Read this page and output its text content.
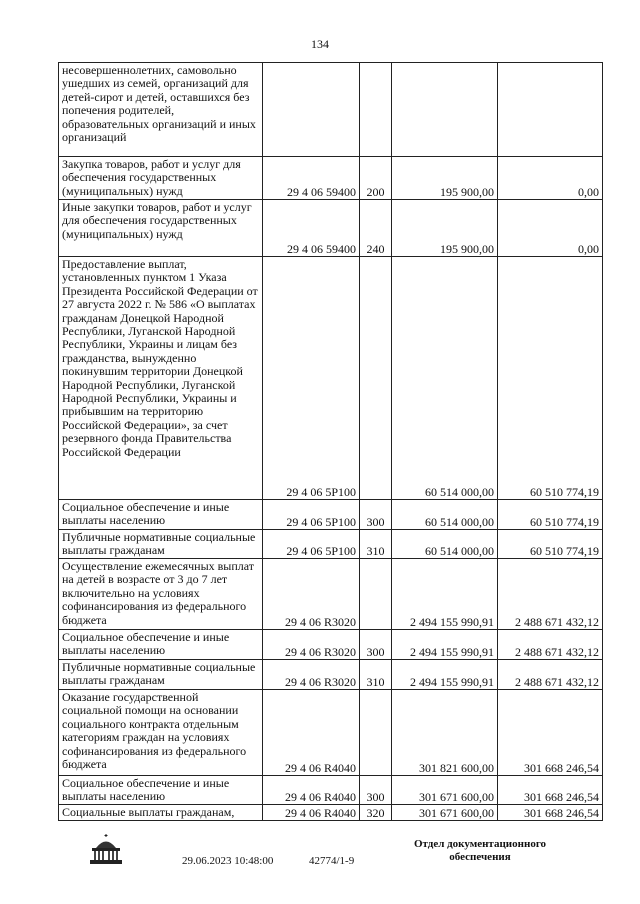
134
несовершеннолетних, самовольно ушедших из семей, организаций для детей-сирот и детей, оставшихся без попечения родителей, образовательных организаций и иных организаций				
Закупка товаров, работ и услуг для обеспечения государственных (муниципальных) нужд	29 4 06 59400	200	195 900,00	0,00
Иные закупки товаров, работ и услуг для обеспечения государственных (муниципальных) нужд	29 4 06 59400	240	195 900,00	0,00
Предоставление выплат, установленных пунктом 1 Указа Президента Российской Федерации от 27 августа 2022 г. № 586 «О выплатах гражданам Донецкой Народной Республики, Луганской Народной Республики, Украины и лицам без гражданства, вынужденно покинувшим территории Донецкой Народной Республики, Луганской Народной Республики, Украины и прибывшим на территорию Российской Федерации», за счет резервного фонда Правительства Российской Федерации	29 4 06 5Р100		60 514 000,00	60 510 774,19
Социальное обеспечение и иные выплаты населению	29 4 06 5Р100	300	60 514 000,00	60 510 774,19
Публичные нормативные социальные выплаты гражданам	29 4 06 5Р100	310	60 514 000,00	60 510 774,19
Осуществление ежемесячных выплат на детей в возрасте от 3 до 7 лет включительно на условиях софинансирования из федерального бюджета	29 4 06 R3020		2 494 155 990,91	2 488 671 432,12
Социальное обеспечение и иные выплаты населению	29 4 06 R3020	300	2 494 155 990,91	2 488 671 432,12
Публичные нормативные социальные выплаты гражданам	29 4 06 R3020	310	2 494 155 990,91	2 488 671 432,12
Оказание государственной социальной помощи на основании социального контракта отдельным категориям граждан на условиях софинансирования из федерального бюджета	29 4 06 R4040		301 821 600,00	301 668 246,54
Социальное обеспечение и иные выплаты населению	29 4 06 R4040	300	301 671 600,00	301 668 246,54
Социальные выплаты гражданам,	29 4 06 R4040	320	301 671 600,00	301 668 246,54
29.06.2023 10:48:00	42774/1-9
Отдел документационного
обеспечения
